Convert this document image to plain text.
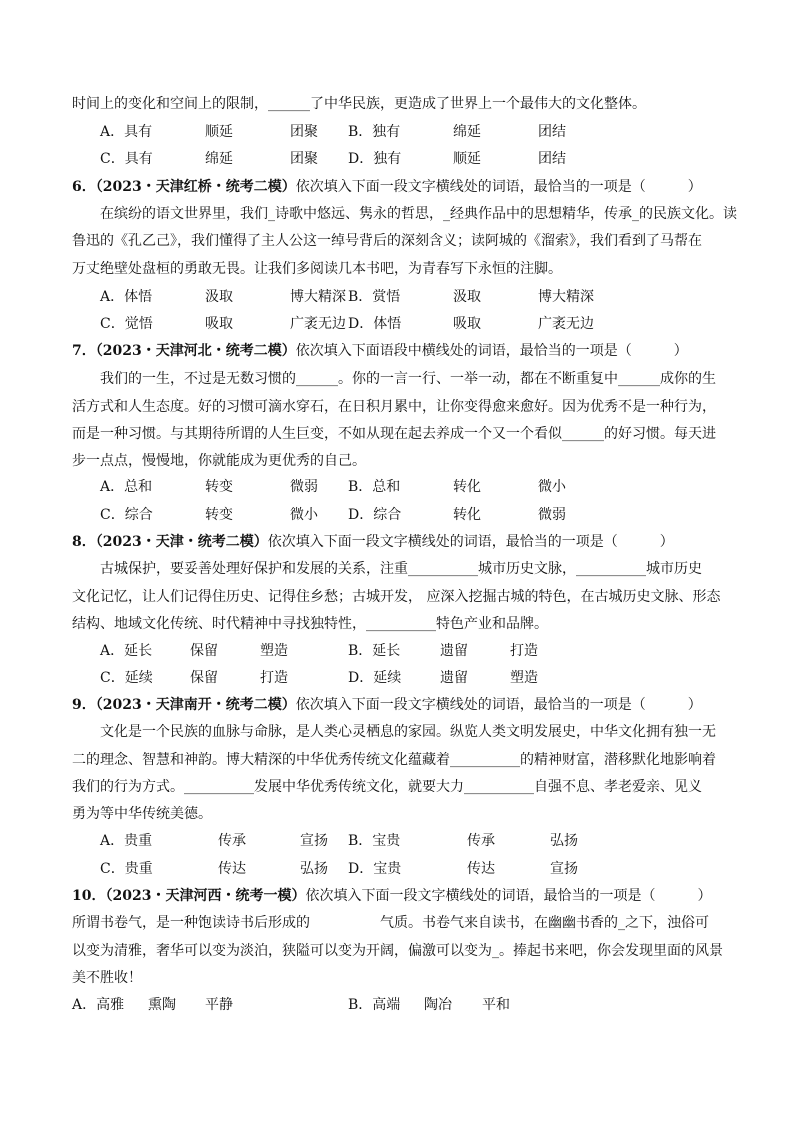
时间上的变化和空间上的限制，______了中华民族，更造成了世界上一个最伟大的文化整体。
A．具有	顺延	团聚 B．独有	绵延	团结
C．具有	绵延	团聚 D．独有	顺延	团结
6．（2023・天津红桥・统考二模）依次填入下面一段文字横线处的词语，最恰当的一项是（　　　）
在缤纷的语文世界里，我们_诗歌中悠远、隽永的哲思，_经典作品中的思想精华，传承_的民族文化。读
鲁迅的《孔乙己》，我们懂得了主人公这一绰号背后的深刻含义；读阿城的《溜索》，我们看到了马帮在
万丈绝壁处盘桓的勇敢无畏。让我们多阅读几本书吧，为青春写下永恒的注脚。
A．体悟	汲取	博大精深 B．赏悟	汲取	博大精深
C．觉悟	吸取	广袤无边 D．体悟	吸取	广袤无边
7．（2023・天津河北・统考二模）依次填入下面语段中横线处的词语，最恰当的一项是（　　　）
我们的一生，不过是无数习惯的______。你的一言一行、一举一动，都在不断重复中______成你的生
活方式和人生态度。好的习惯可滴水穿石，在日积月累中，让你变得愈来愈好。因为优秀不是一种行为，
而是一种习惯。与其期待所谓的人生巨变，不如从现在起去养成一个又一个看似______的好习惯。每天进
步一点点，慢慢地，你就能成为更优秀的自己。
A．总和	转变	微弱 B．总和	转化	微小
C．综合	转变	微小 D．综合	转化	微弱
8．（2023・天津・统考二模）依次填入下面一段文字横线处的词语，最恰当的一项是（　　　）
古城保护，要妥善处理好保护和发展的关系，注重__________城市历史文脉，__________城市历史
文化记忆，让人们记得住历史、记得住乡愁；古城开发， 应深入挖掘古城的特色，在古城历史文脉、形态
结构、地域文化传统、时代精神中寻找独特性，__________特色产业和品牌。
A．延长	保留	塑造	B．延长	遗留	打造
C．延续	保留	打造	D．延续	遗留	塑造
9．（2023・天津南开・统考二模）依次填入下面一段文字横线处的词语，最恰当的一项是（　　　）
文化是一个民族的血脉与命脉，是人类心灵栖息的家园。纵览人类文明发展史，中华文化拥有独一无
二的理念、智慧和神韵。博大精深的中华优秀传统文化蕴藏着__________的精神财富，潜移默化地影响着
我们的行为方式。__________发展中华优秀传统文化，就要大力__________自强不息、孝老爱亲、见义
勇为等中华传统美德。
A．贵重	传承	宣扬 B．宝贵	传承	弘扬
C．贵重	传达	弘扬 D．宝贵	传达	宣扬
10．（2023・天津河西・统考一模）依次填入下面一段文字横线处的词语，最恰当的一项是（　　　）
所谓书卷气，是一种饱读诗书后形成的　　　　　气质。书卷气来自读书，在幽幽书香的_之下，浊俗可
以变为清雅，奢华可以变为淡泊，狭隘可以变为开阔，偏激可以变为_。捧起书来吧，你会发现里面的风景
美不胜收！
A．高雅 熏陶 平静	B．高端 陶冶 平和
